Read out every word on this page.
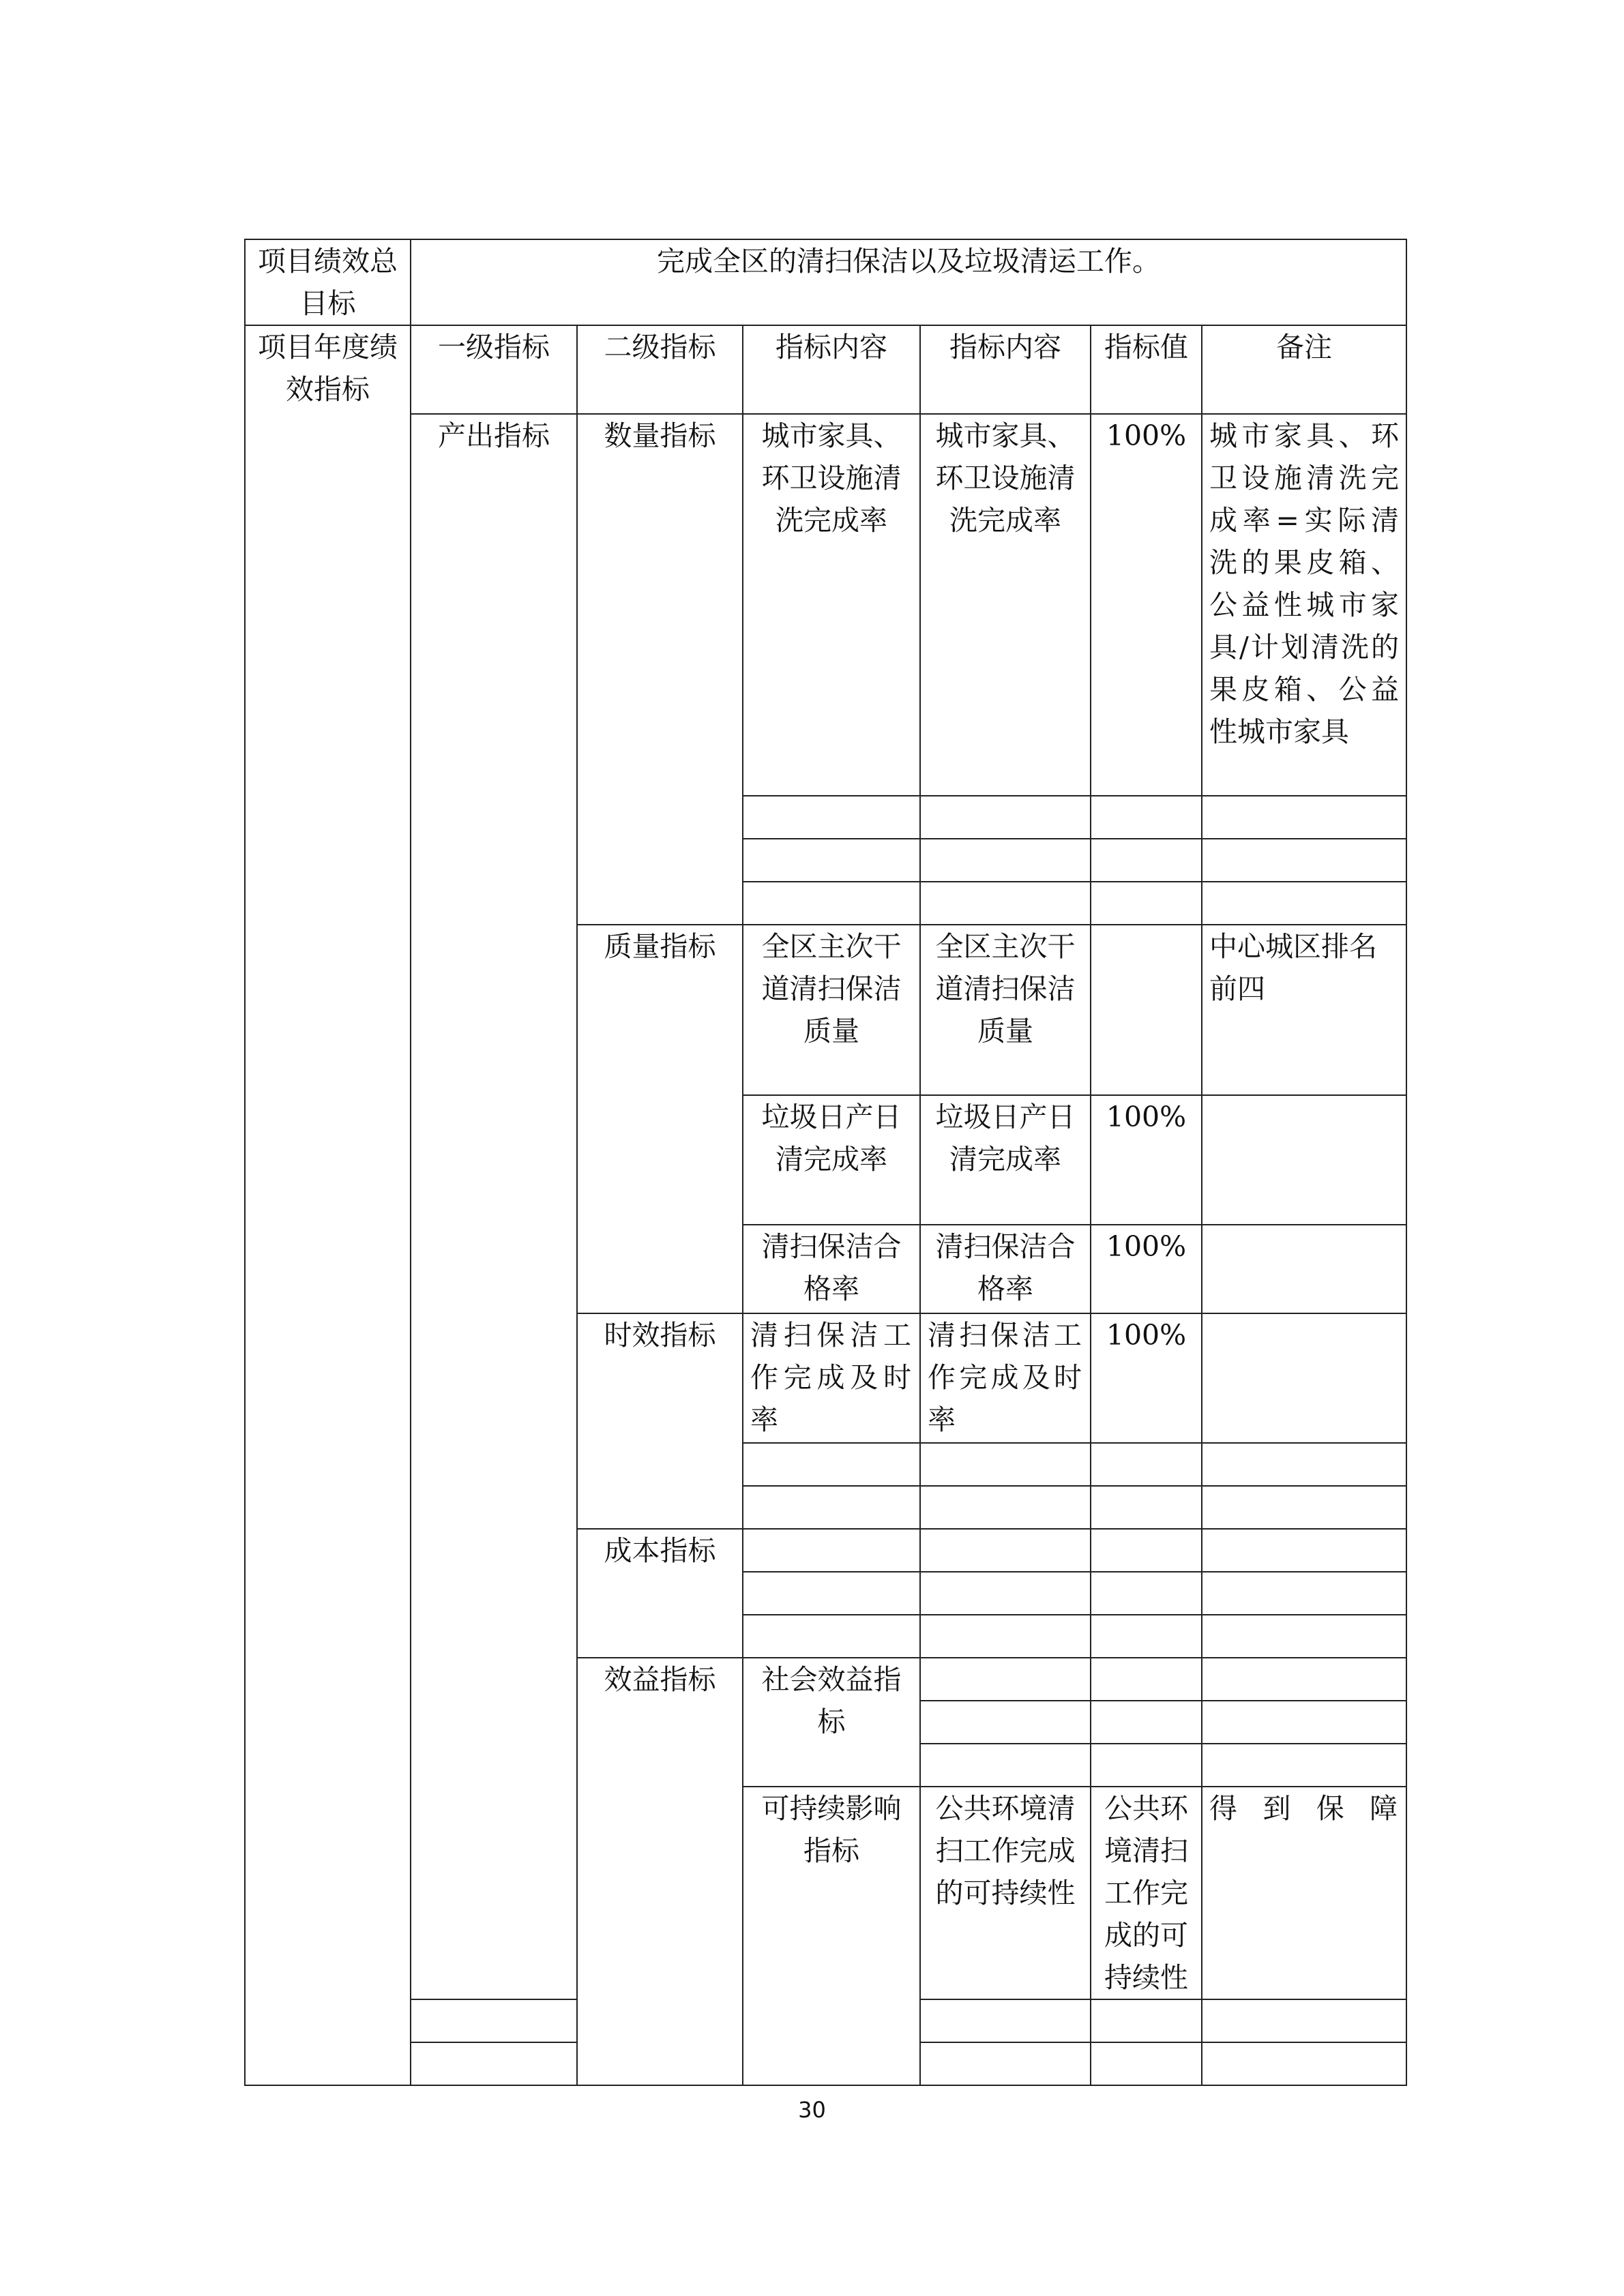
项目绩效总目标	完成全区的清扫保洁以及垃圾清运工作。						
项目年度绩效指标	一级指标	二级指标	指标内容	指标内容	指标值	备注	
	产出指标	数量指标	城市家具、环卫设施清洗完成率	城市家具、环卫设施清洗完成率	100%	城市家具、环卫设施清洗完成率=实际清洗的果皮箱、公益性城市家具/计划清洗的果皮箱、公益性城市家具	

		质量指标	全区主次干道清扫保洁质量	全区主次干道清扫保洁质量		中心城区排名前四	
			垃圾日产日清完成率	垃圾日产日清完成率	100%		
			清扫保洁合格率	清扫保洁合格率	100%		
		时效指标	清扫保洁工作完成及时率	清扫保洁工作完成及时率	100%		

		成本指标					

		效益指标	社会效益指标				

			可持续影响指标	公共环境清扫工作完成的可持续性	公共环境清扫工作完成的可持续性	得到保障	

30
